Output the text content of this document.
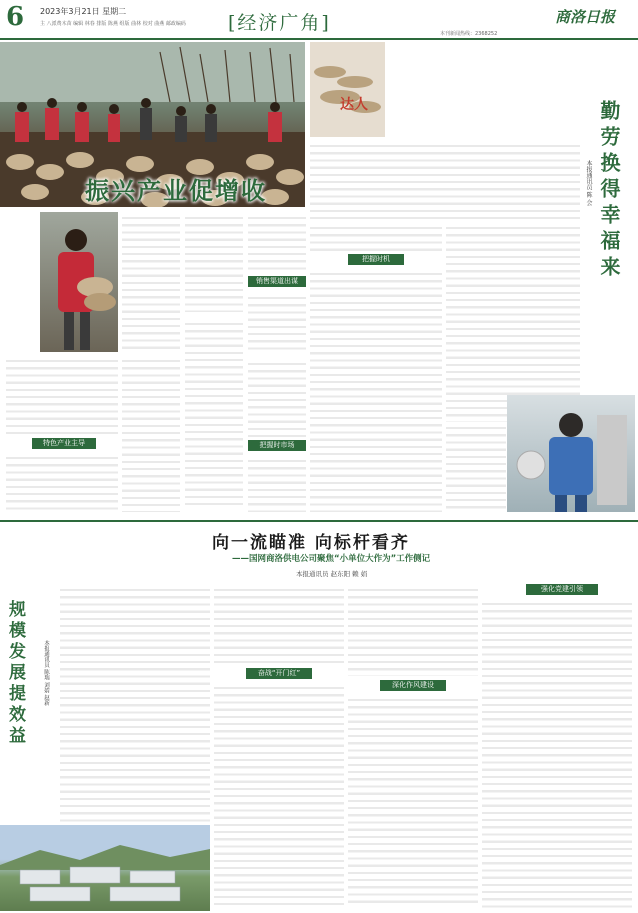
6 2023年3月21日 星期二
主 八派费木苗 编辑 林春 排版 陈燕 组版 曲林 校对 曲燕 邮政编码 [经济广角]	本刊新闻热线：2368252
商洛日报
振兴产业促增收
销售渠道出谋
特色产业主导	把握时市场
达人	勤劳换得幸福来
本报通讯员 陈 会
把握时机
向一流瞄准 向标杆看齐
——国网商洛供电公司聚焦“小单位大作为”工作侧记
本报通讯员 赵东阳 赖 娟
奋战“开门红”
深化作风建设
强化党建引领
规模发展提效益	本报通讯员 陈瑞 刘婧 赵新
